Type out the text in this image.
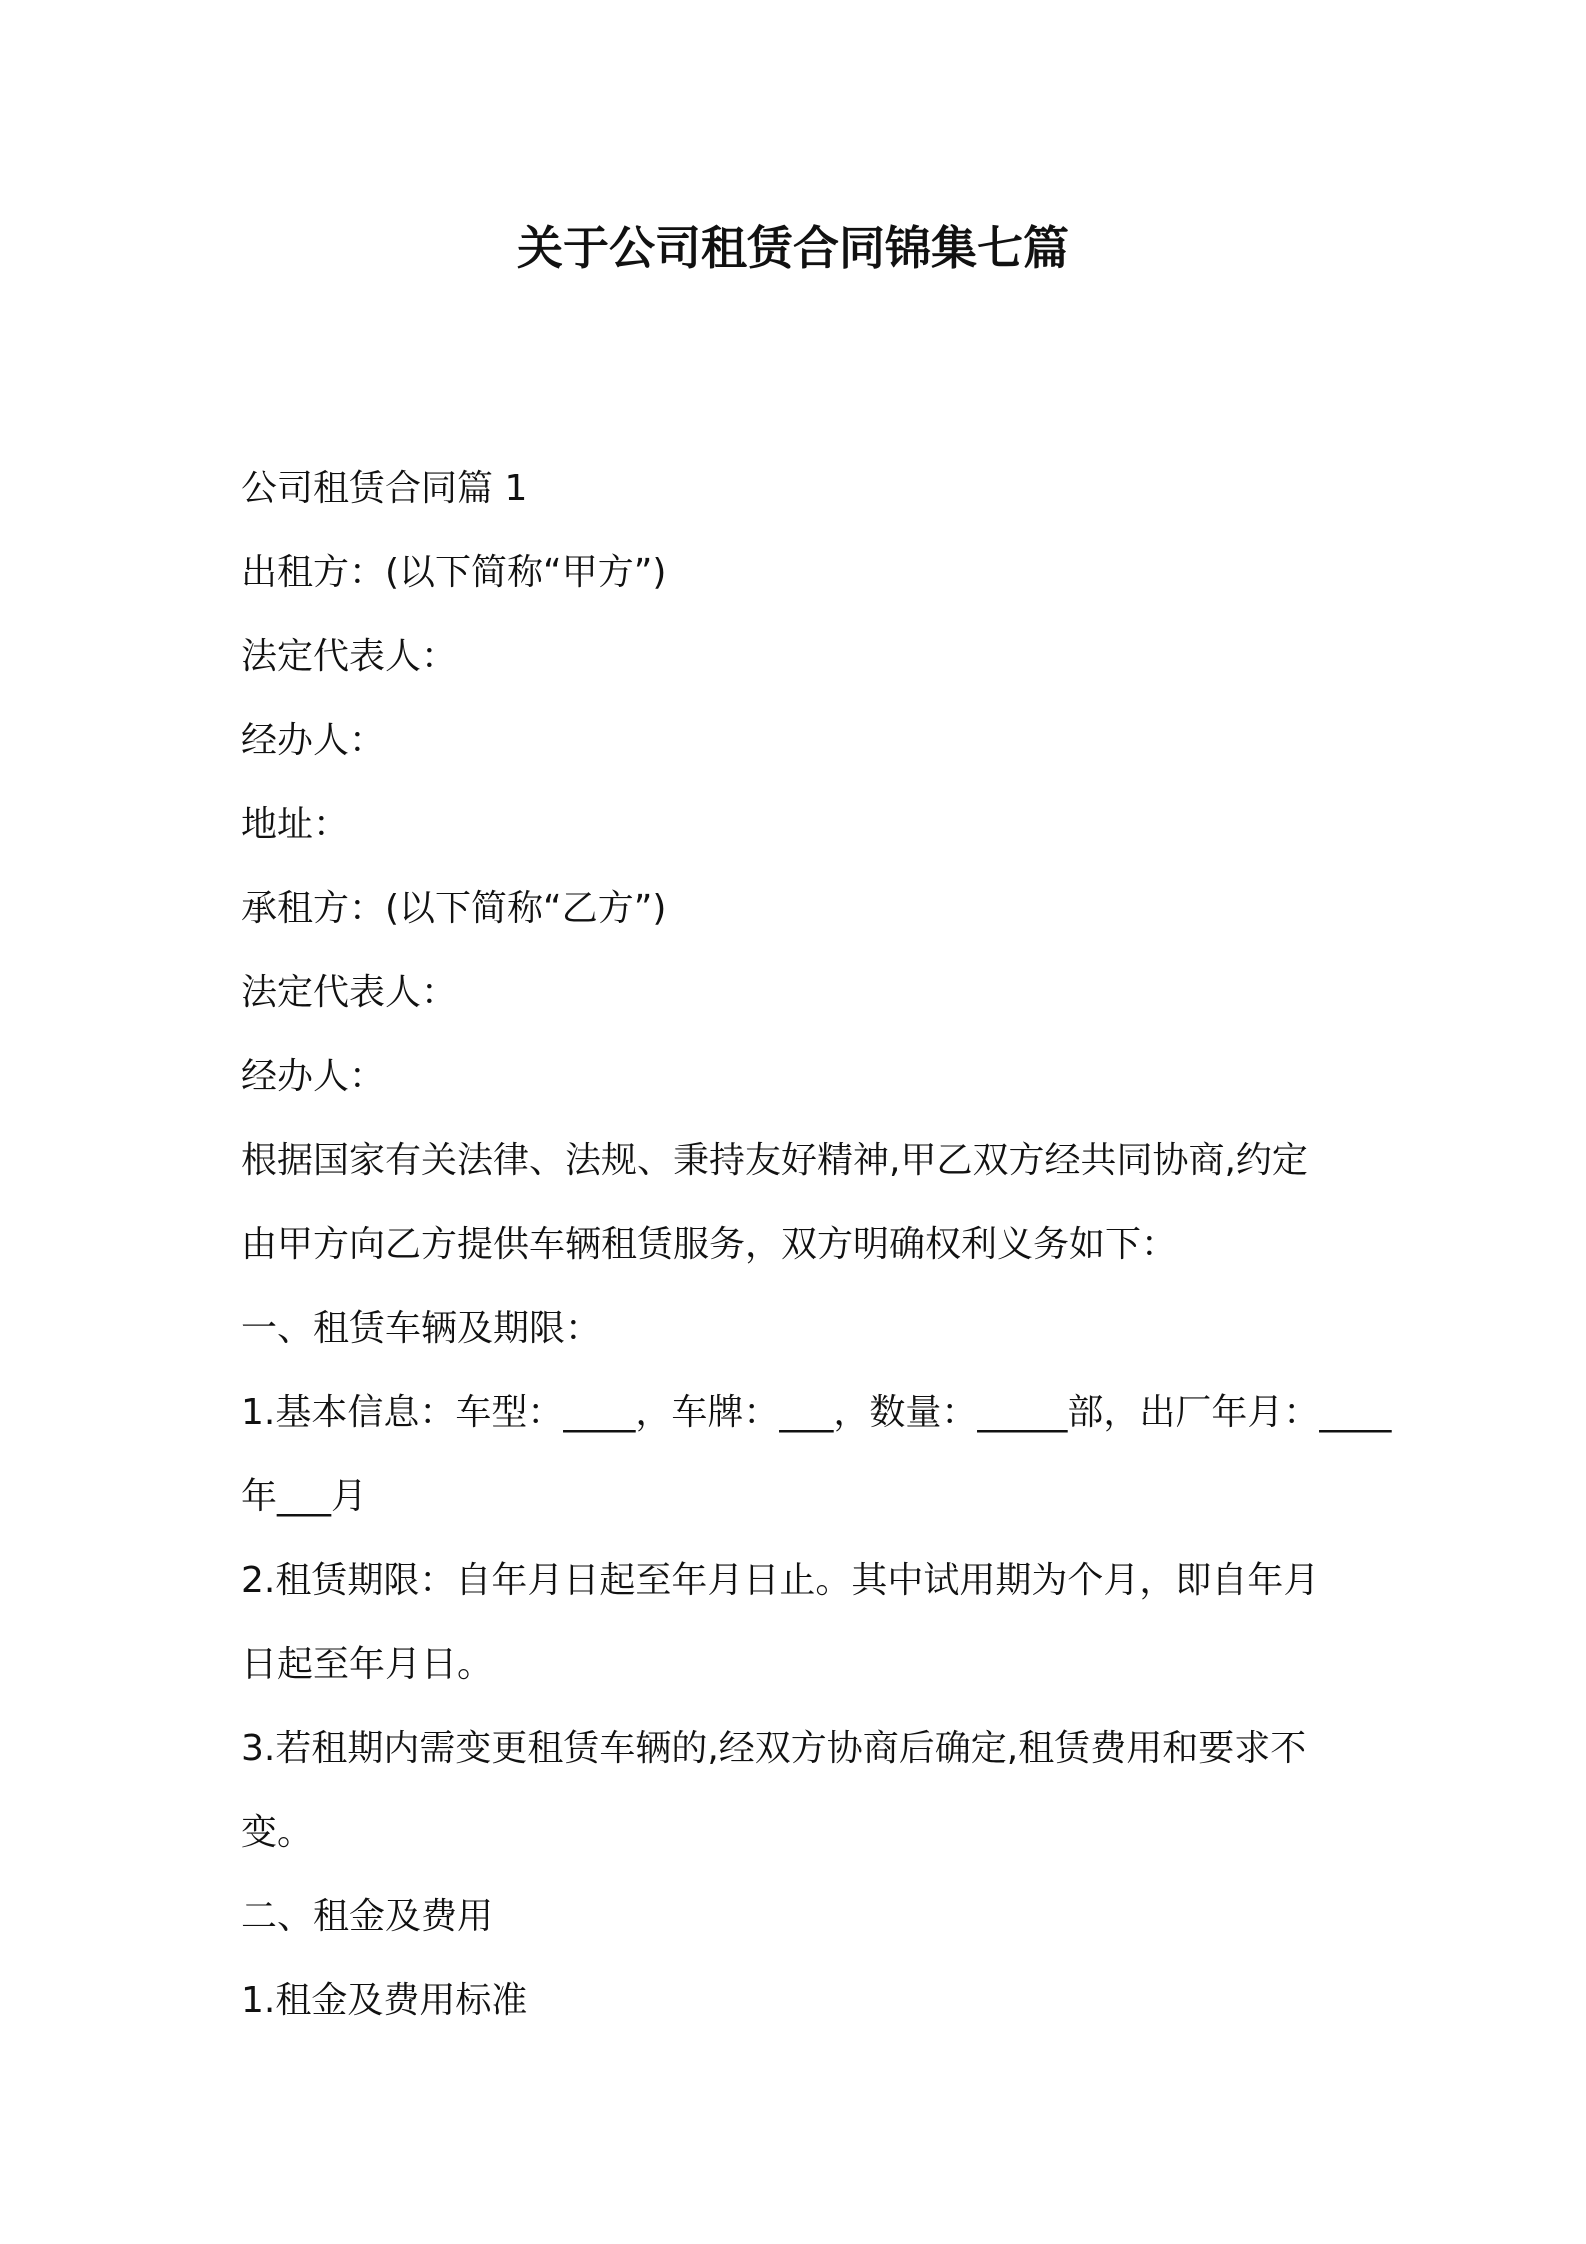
关于公司租赁合同锦集七篇

公司租赁合同篇 1

出租方：(以下简称“甲方”)

法定代表人：

经办人：

地址：

承租方：(以下简称“乙方”)

法定代表人：

经办人：

根据国家有关法律、法规、秉持友好精神,甲乙双方经共同协商,约定

由甲方向乙方提供车辆租赁服务，双方明确权利义务如下：

一、租赁车辆及期限：

1.基本信息：车型：____，车牌：___，数量：_____部，出厂年月：____

年___月

2.租赁期限：自年月日起至年月日止。其中试用期为个月，即自年月

日起至年月日。

3.若租期内需变更租赁车辆的,经双方协商后确定,租赁费用和要求不

变。

二、租金及费用

1.租金及费用标准
